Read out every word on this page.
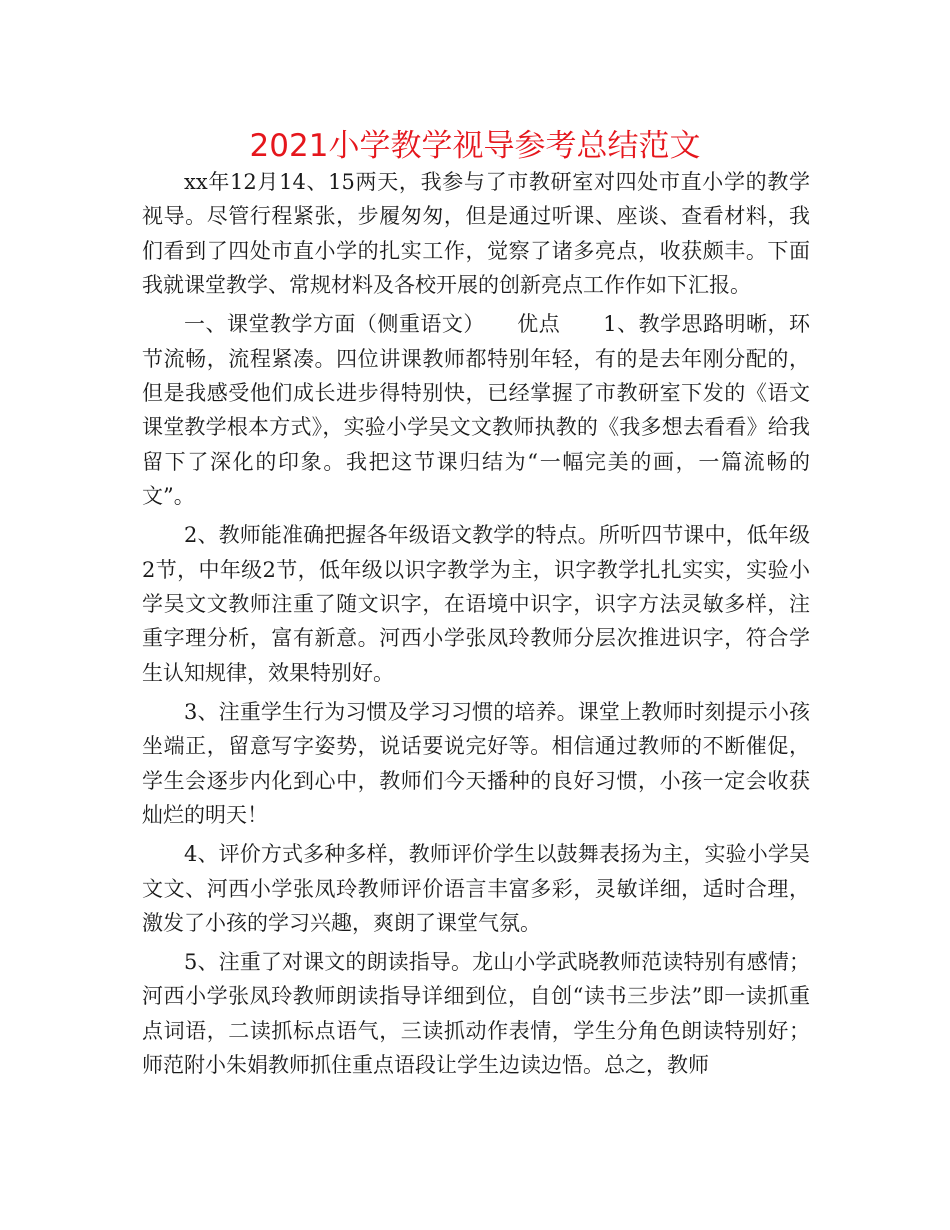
2021小学教学视导参考总结范文

xx年12月14、15两天，我参与了市教研室对四处市直小学的教学视导。尽管行程紧张，步履匆匆，但是通过听课、座谈、查看材料，我们看到了四处市直小学的扎实工作，觉察了诸多亮点，收获颇丰。下面我就课堂教学、常规材料及各校开展的创新亮点工作作如下汇报。

一、课堂教学方面（侧重语文）　　优点　　1、教学思路明晰，环节流畅，流程紧凑。四位讲课教师都特别年轻，有的是去年刚分配的，但是我感受他们成长进步得特别快，已经掌握了市教研室下发的《语文课堂教学根本方式》，实验小学吴文文教师执教的《我多想去看看》给我留下了深化的印象。我把这节课归结为“一幅完美的画，一篇流畅的文”。

2、教师能准确把握各年级语文教学的特点。所听四节课中，低年级2节，中年级2节，低年级以识字教学为主，识字教学扎扎实实，实验小学吴文文教师注重了随文识字，在语境中识字，识字方法灵敏多样，注重字理分析，富有新意。河西小学张凤玲教师分层次推进识字，符合学生认知规律，效果特别好。

3、注重学生行为习惯及学习习惯的培养。课堂上教师时刻提示小孩坐端正，留意写字姿势，说话要说完好等。相信通过教师的不断催促，学生会逐步内化到心中，教师们今天播种的良好习惯，小孩一定会收获灿烂的明天！

4、评价方式多种多样，教师评价学生以鼓舞表扬为主，实验小学吴文文、河西小学张凤玲教师评价语言丰富多彩，灵敏详细，适时合理，激发了小孩的学习兴趣，爽朗了课堂气氛。

5、注重了对课文的朗读指导。龙山小学武晓教师范读特别有感情；河西小学张凤玲教师朗读指导详细到位，自创“读书三步法”即一读抓重点词语，二读抓标点语气，三读抓动作表情，学生分角色朗读特别好；师范附小朱娟教师抓住重点语段让学生边读边悟。总之，教师
